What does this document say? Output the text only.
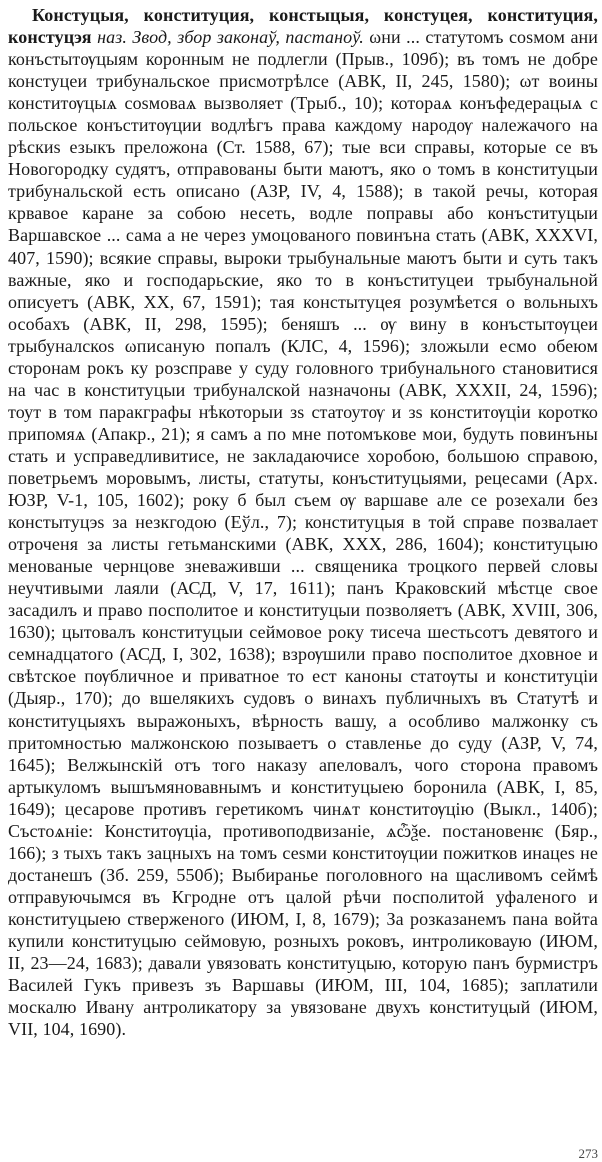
Констуцыя, конституция, констыцыя, констуцея, конституция, констуцэя наз. Звод, збор законаў, пастаноў. ωни ... статутомъ соѕмом ани конъстытѹцыям коронным не подлегли (Прыв., 109б); въ томъ не добре констуцеи трибунальское присмотрѣлсе (АВК, II, 245, 1580); ωт воины конститѹцыѧ соѕмоваѧ вызволяет (Трыб., 10); котораѧ конъфедерацыѧ с польское конъститѹции водлѣгъ права каждому народѹ належачого на рѣскиѕ езыкъ преложона (Ст. 1588, 67); тые вси справы, которые се въ Новогородку судятъ, отправованы быти маютъ, яко о томъ в конституцыи трибунальской есть описано (АЗР, IV, 4, 1588); в такой речы, которая крвавое каране за собою несеть, водле поправы або конъституцыи Варшавское ... сама а не через умоцованого повинъна стать (АВК, XXXVI, 407, 1590); всякие справы, выроки трыбунальные маютъ быти и суть такъ важные, яко и господарьские, яко то в конъституцеи трыбунальной описуетъ (АВК, XX, 67, 1591); тая констытуцея розумѣется о вольныхъ особахъ (АВК, II, 298, 1595); беняшъ ... ѹ вину в конъстытѹцеи трыбуналскоѕ ωписаную попалъ (КЛС, 4, 1596); зложыли есмо обеюм сторонам рокъ ку розсправе у суду головного трибунального становитися на час в конституцыи трибуналской назначоны (АВК, XXXII, 24, 1596); тоут в том паракграфы нѣкоторыи зѕ статоутѹ и зѕ конститѹціи коротко припомяѧ (Апакр., 21); я самъ а по мне потомъкове мои, будуть повинъны стать и усправедливитисе, не закладаючисе хоробою, большою справою, поветрьемъ моровымъ, листы, статуты, конъституцыями, рецесами (Арх. ЮЗР, V-1, 105, 1602); року б был съем ѹ варшаве але се розехали без констытуцэѕ за незкгодою (Еўл., 7); конституцыя в той справе позвалает отроченя за листы гетьманскими (АВК, XXX, 286, 1604); конституцыю менованые чернцове зневаживши ... священика троцкого первей словы неучтивыми лаяли (АСД, V, 17, 1611); панъ Краковский мѣстце свое засадилъ и право посполитое и конституцыи позволяетъ (АВК, XVIII, 306, 1630); цытовалъ конституцыи сеймовое року тисеча шестьсотъ девятого и семнадцатого (АСД, I, 302, 1638); взрѹшили право посполитое дховное и свѣтское пѹбличное и приватное то ест каноны статѹты и конституціи (Дыяр., 170); до вшелякихъ судовъ о винахъ публичныхъ въ Статутѣ и конституцыяхъ выражоныхъ, вѣрность вашу, а особливо малжонку съ притомностью малжонскою позываетъ о ставленье до суду (АЗР, V, 74, 1645); Велжынскій отъ того наказу апеловалъ, чого сторона правомъ артыкуломъ вышъмяновавнымъ и конституцыею боронила (АВК, I, 85, 1649); цесарове противъ геретикомъ чинѧт конститѹцію (Выкл., 140б); Състоѧніе: Конститѹціа, противоподвизаніе, ѧѽѯе. постановенѥ (Бяр., 166); з тыхъ такъ зацныхъ на томъ сеѕми конститѹции пожитков инацеѕ не достанешъ (Зб. 259, 550б); Выбиранье поголовного на щасливомъ сеймѣ отправуючымся въ Кгродне отъ цалой рѣчи посполитой уфаленого и конституцыею стверженого (ИЮМ, I, 8, 1679); За розказанемъ пана войта купили конституцыю сеймовую, розныхъ роковъ, интроликоваую (ИЮМ, II, 23—24, 1683); давали увязовать конституцыю, которую панъ бурмистръ Василей Гукъ привезъ зъ Варшавы (ИЮМ, III, 104, 1685); заплатили москалю Ивану антроликатору за увязоване двухъ конституцый (ИЮМ, VII, 104, 1690).
273
